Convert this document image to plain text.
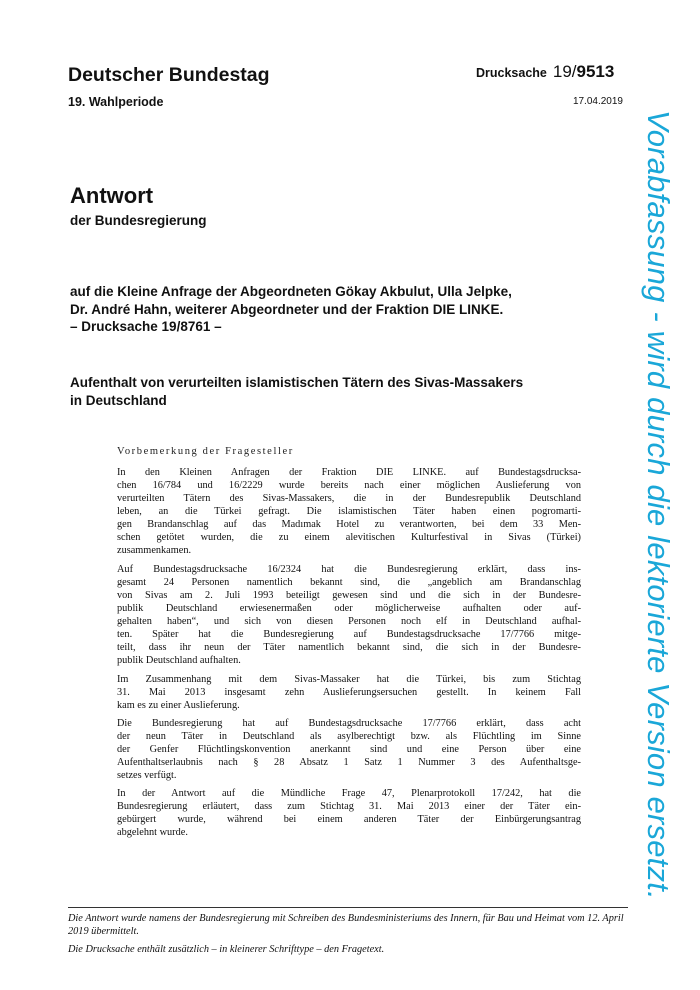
Deutscher Bundestag
19. Wahlperiode
Drucksache 19/9513
17.04.2019
Antwort
der Bundesregierung
auf die Kleine Anfrage der Abgeordneten Gökay Akbulut, Ulla Jelpke,
Dr. André Hahn, weiterer Abgeordneter und der Fraktion DIE LINKE.
– Drucksache 19/8761 –
Aufenthalt von verurteilten islamistischen Tätern des Sivas-Massakers
in Deutschland
Vorbemerkung der Fragesteller
In den Kleinen Anfragen der Fraktion DIE LINKE. auf Bundestagsdrucksa-
chen 16/784 und 16/2229 wurde bereits nach einer möglichen Auslieferung von
verurteilten Tätern des Sivas-Massakers, die in der Bundesrepublik Deutschland
leben, an die Türkei gefragt. Die islamistischen Täter haben einen pogromarti-
gen Brandanschlag auf das Madımak Hotel zu verantworten, bei dem 33 Men-
schen getötet wurden, die zu einem alevitischen Kulturfestival in Sivas (Türkei)
zusammenkamen.
Auf Bundestagsdrucksache 16/2324 hat die Bundesregierung erklärt, dass ins-
gesamt 24 Personen namentlich bekannt sind, die „angeblich am Brandanschlag
von Sivas am 2. Juli 1993 beteiligt gewesen sind und die sich in der Bundesre-
publik Deutschland erwiesenermaßen oder möglicherweise aufhalten oder auf-
gehalten haben“, und sich von diesen Personen noch elf in Deutschland aufhal-
ten. Später hat die Bundesregierung auf Bundestagsdrucksache 17/7766 mitge-
teilt, dass ihr neun der Täter namentlich bekannt sind, die sich in der Bundesre-
publik Deutschland aufhalten.
Im Zusammenhang mit dem Sivas-Massaker hat die Türkei, bis zum Stichtag
31. Mai 2013 insgesamt zehn Auslieferungsersuchen gestellt. In keinem Fall
kam es zu einer Auslieferung.
Die Bundesregierung hat auf Bundestagsdrucksache 17/7766 erklärt, dass acht
der neun Täter in Deutschland als asylberechtigt bzw. als Flüchtling im Sinne
der Genfer Flüchtlingskonvention anerkannt sind und eine Person über eine
Aufenthaltserlaubnis nach § 28 Absatz 1 Satz 1 Nummer 3 des Aufenthaltsge-
setzes verfügt.
In der Antwort auf die Mündliche Frage 47, Plenarprotokoll 17/242, hat die
Bundesregierung erläutert, dass zum Stichtag 31. Mai 2013 einer der Täter ein-
gebürgert wurde, während bei einem anderen Täter der Einbürgerungsantrag
abgelehnt wurde.
Die Antwort wurde namens der Bundesregierung mit Schreiben des Bundesministeriums des Innern, für Bau und Heimat vom 12. April 2019 übermittelt.
Die Drucksache enthält zusätzlich – in kleinerer Schrifttype – den Fragetext.
Vorabfassung - wird durch die lektorierte Version ersetzt.
